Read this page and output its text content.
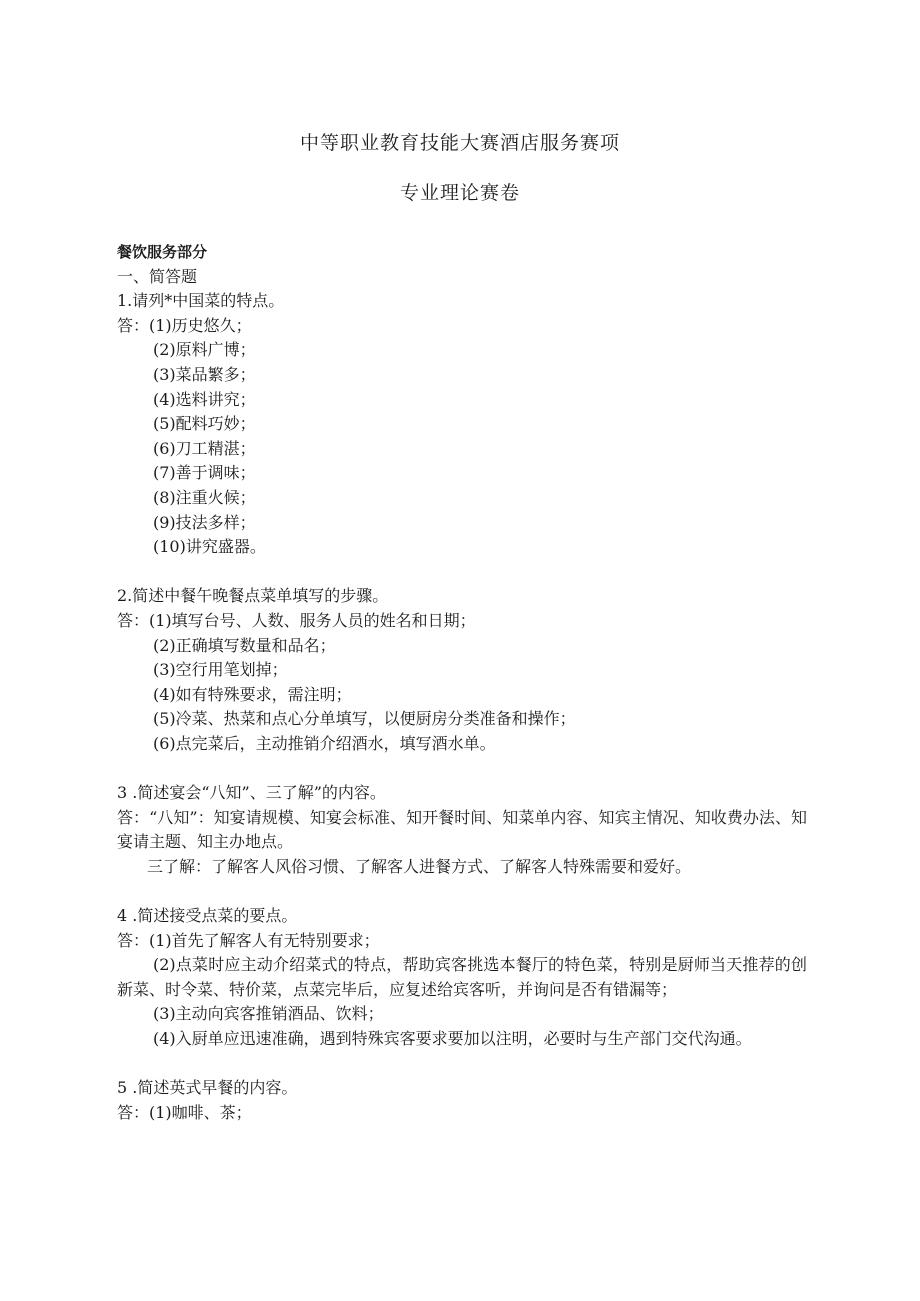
中等职业教育技能大赛酒店服务赛项
专业理论赛卷
餐饮服务部分
一、简答题
1.请列*中国菜的特点。
答：(1)历史悠久；
(2)原料广博；
(3)菜品繁多；
(4)选料讲究；
(5)配料巧妙；
(6)刀工精湛；
(7)善于调味；
(8)注重火候；
(9)技法多样；
(10)讲究盛器。
2.简述中餐午晚餐点菜单填写的步骤。
答：(1)填写台号、人数、服务人员的姓名和日期；
(2)正确填写数量和品名；
(3)空行用笔划掉；
(4)如有特殊要求，需注明；
(5)冷菜、热菜和点心分单填写，以便厨房分类准备和操作；
(6)点完菜后，主动推销介绍酒水，填写酒水单。
3 .简述宴会“八知”、三了解”的内容。
答：“八知”：知宴请规模、知宴会标准、知开餐时间、知菜单内容、知宾主情况、知收费办法、知宴请主题、知主办地点。
三了解：了解客人风俗习惯、了解客人进餐方式、了解客人特殊需要和爱好。
4 .简述接受点菜的要点。
答：(1)首先了解客人有无特别要求；
(2)点菜时应主动介绍菜式的特点，帮助宾客挑选本餐厅的特色菜，特别是厨师当天推荐的创新菜、时令菜、特价菜，点菜完毕后，应复述给宾客听，并询问是否有错漏等；
(3)主动向宾客推销酒品、饮料；
(4)入厨单应迅速准确，遇到特殊宾客要求要加以注明，必要时与生产部门交代沟通。
5 .简述英式早餐的内容。
答：(1)咖啡、茶；
